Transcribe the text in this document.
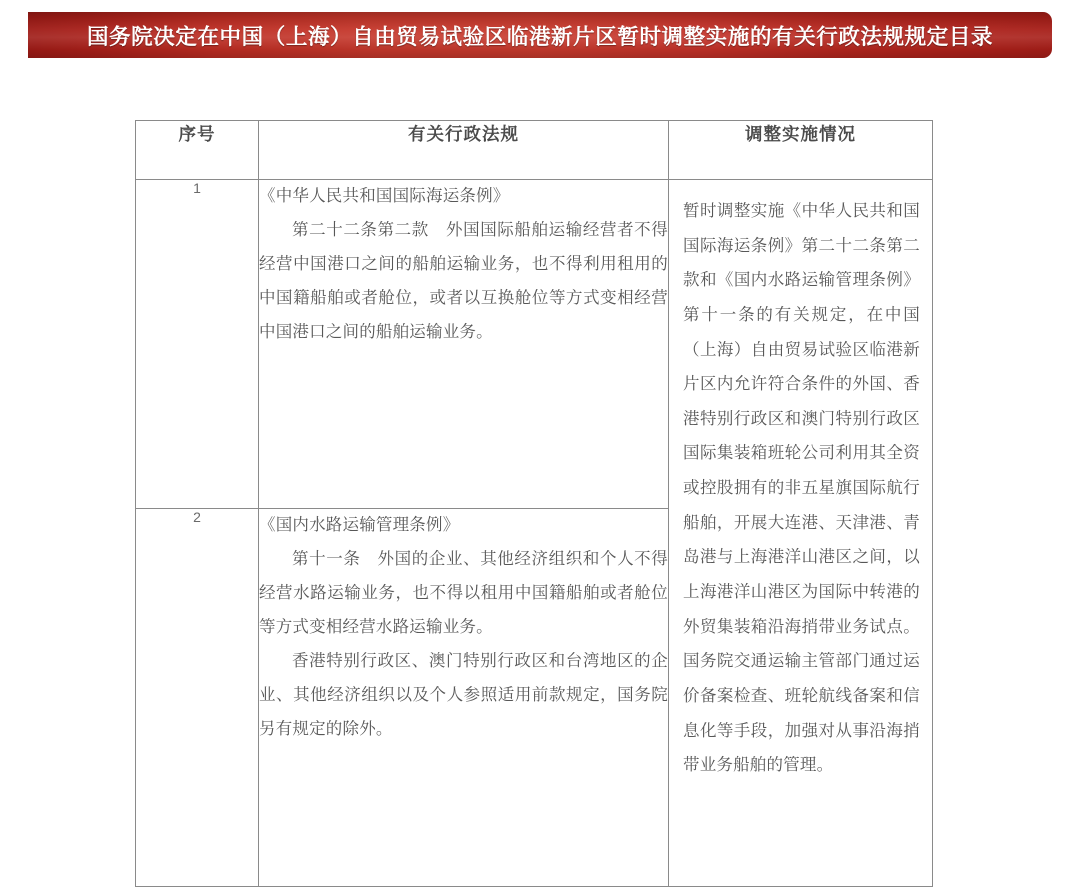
国务院决定在中国（上海）自由贸易试验区临港新片区暂时调整实施的有关行政法规规定目录
序号	有关行政法规	调整实施情况
1	《中华人民共和国国际海运条例》

第二十二条第二款　外国国际船舶运输经营者不得经营中国港口之间的船舶运输业务，也不得利用租用的中国籍船舶或者舱位，或者以互换舱位等方式变相经营中国港口之间的船舶运输业务。	暂时调整实施《中华人民共和国国际海运条例》第二十二条第二款和《国内水路运输管理条例》第十一条的有关规定，在中国（上海）自由贸易试验区临港新片区内允许符合条件的外国、香港特别行政区和澳门特别行政区国际集装箱班轮公司利用其全资或控股拥有的非五星旗国际航行船舶，开展大连港、天津港、青岛港与上海港洋山港区之间，以上海港洋山港区为国际中转港的外贸集装箱沿海捎带业务试点。国务院交通运输主管部门通过运价备案检查、班轮航线备案和信息化等手段，加强对从事沿海捎带业务船舶的管理。

2	《国内水路运输管理条例》

第十一条　外国的企业、其他经济组织和个人不得经营水路运输业务，也不得以租用中国籍船舶或者舱位等方式变相经营水路运输业务。

香港特别行政区、澳门特别行政区和台湾地区的企业、其他经济组织以及个人参照适用前款规定，国务院另有规定的除外。	
